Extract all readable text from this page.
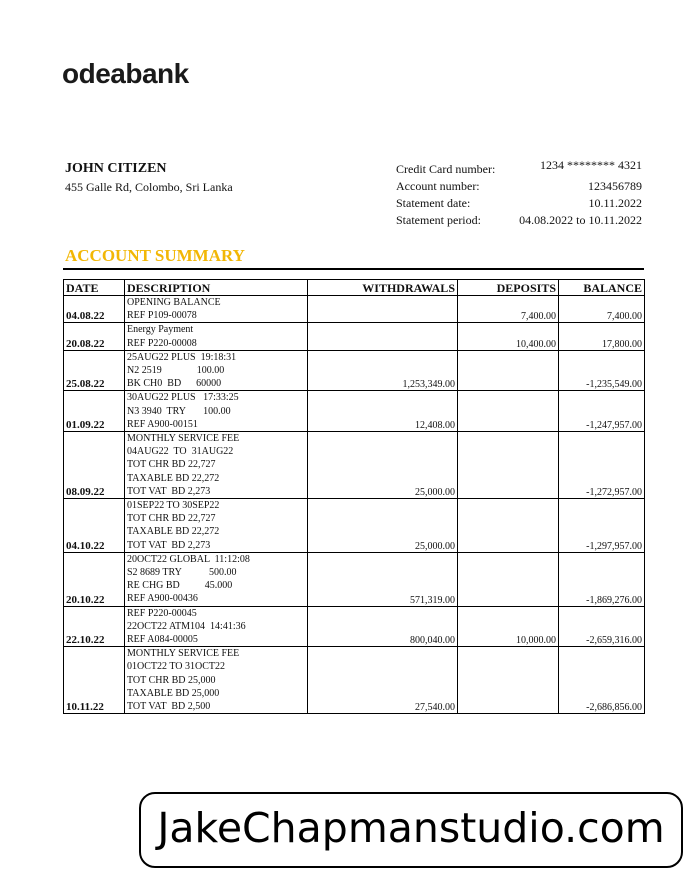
odeabank
JOHN CITIZEN
455 Galle Rd, Colombo, Sri Lanka
Credit Card number:	1234 ******** 4321
Account number:	123456789
Statement date:	10.11.2022
Statement period:	04.08.2022 to 10.11.2022
ACCOUNT SUMMARY
DATE	DESCRIPTION	WITHDRAWALS	DEPOSITS	BALANCE
04.08.22	OPENING BALANCE
REF P109-00078		7,400.00	7,400.00
20.08.22	Energy Payment
REF P220-00008		10,400.00	17,800.00
25.08.22	25AUG22 PLUS  19:18:31
N2 2519              100.00
BK CH0  BD      60000	1,253,349.00		-1,235,549.00
01.09.22	30AUG22 PLUS   17:33:25
N3 3940  TRY       100.00
REF A900-00151	12,408.00		-1,247,957.00
08.09.22	MONTHLY SERVICE FEE
04AUG22  TO  31AUG22
TOT CHR BD 22,727
TAXABLE BD 22,272
TOT VAT  BD 2,273	25,000.00		-1,272,957.00
04.10.22	01SEP22 TO 30SEP22
TOT CHR BD 22,727
TAXABLE BD 22,272
TOT VAT  BD 2,273	25,000.00		-1,297,957.00
20.10.22	20OCT22 GLOBAL  11:12:08
S2 8689 TRY           500.00
RE CHG BD          45.000
REF A900-00436	571,319.00		-1,869,276.00
22.10.22	REF P220-00045
22OCT22 ATM104  14:41:36
REF A084-00005	800,040.00	10,000.00	-2,659,316.00
10.11.22	MONTHLY SERVICE FEE
01OCT22 TO 31OCT22
TOT CHR BD 25,000
TAXABLE BD 25,000
TOT VAT  BD 2,500	27,540.00		-2,686,856.00
JakeChapmanstudio.com
